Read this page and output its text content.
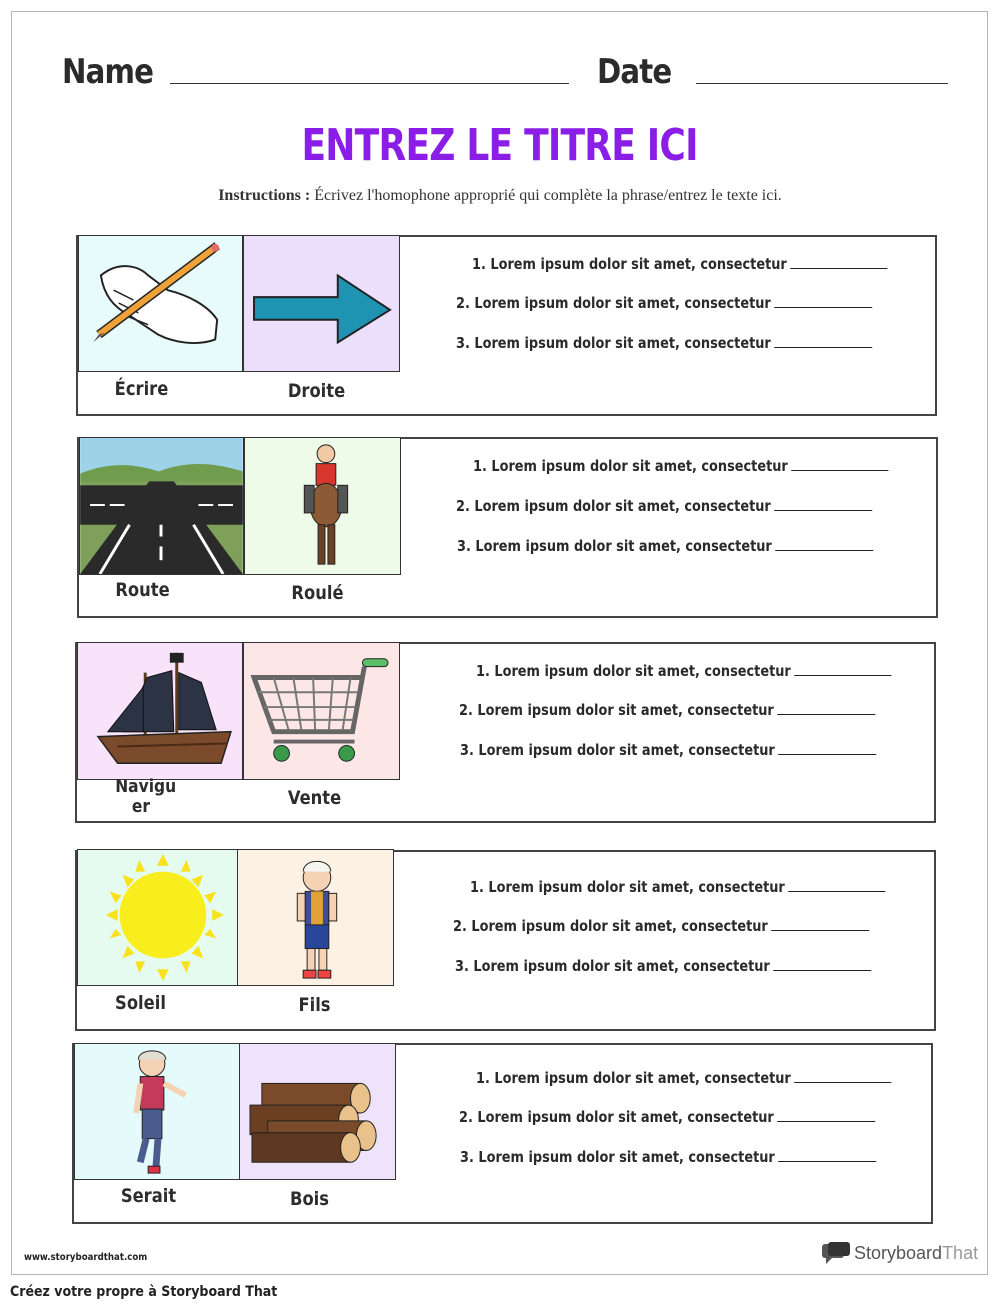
Name	Date
ENTREZ LE TITRE ICI
Instructions : Écrivez l'homophone approprié qui complète la phrase/entrez le texte ici.
Écrire	Droite
1. Lorem ipsum dolor sit amet, consectetur
2. Lorem ipsum dolor sit amet, consectetur
3. Lorem ipsum dolor sit amet, consectetur
Route	Roulé
1. Lorem ipsum dolor sit amet, consectetur
2. Lorem ipsum dolor sit amet, consectetur
3. Lorem ipsum dolor sit amet, consectetur
Navigu er	Vente
1. Lorem ipsum dolor sit amet, consectetur
2. Lorem ipsum dolor sit amet, consectetur
3. Lorem ipsum dolor sit amet, consectetur
Soleil	Fils
1. Lorem ipsum dolor sit amet, consectetur
2. Lorem ipsum dolor sit amet, consectetur
3. Lorem ipsum dolor sit amet, consectetur
Serait	Bois
1. Lorem ipsum dolor sit amet, consectetur
2. Lorem ipsum dolor sit amet, consectetur
3. Lorem ipsum dolor sit amet, consectetur
www.storyboardthat.com	StoryboardThat
Créez votre propre à Storyboard That
